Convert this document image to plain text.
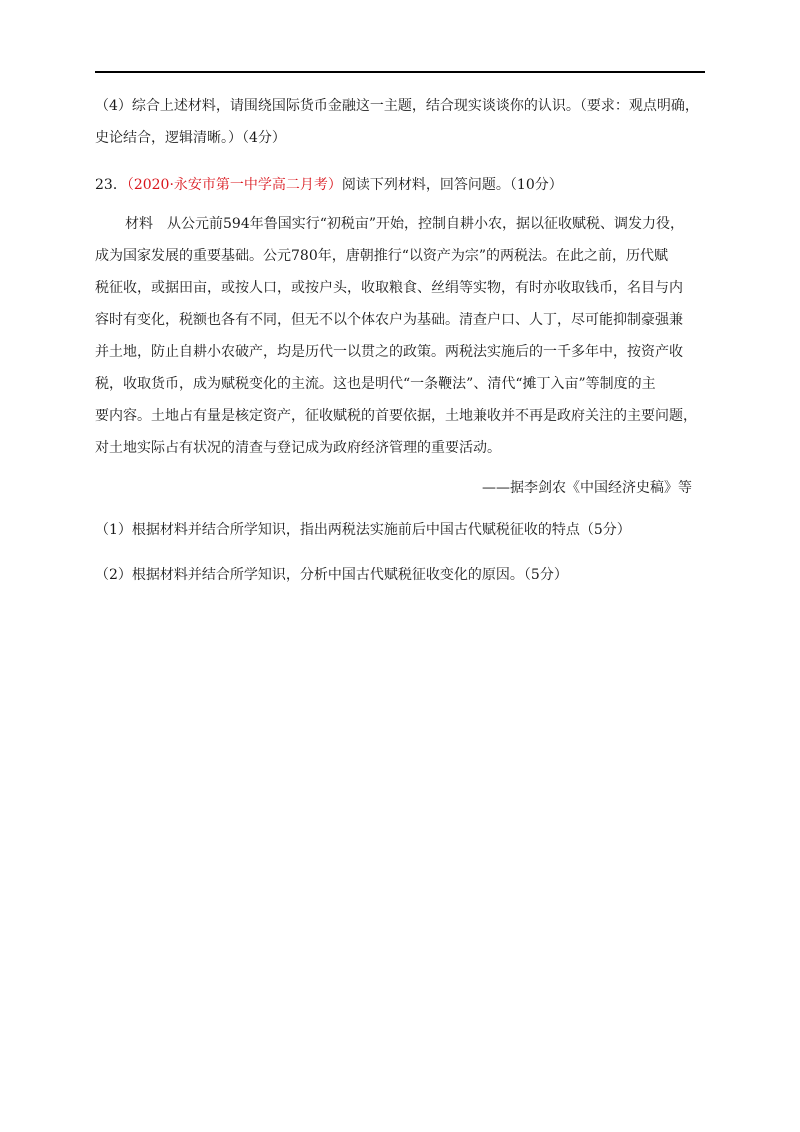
（4）综合上述材料，请围绕国际货币金融这一主题，结合现实谈谈你的认识。（要求：观点明确，
史论结合，逻辑清晰。）（4分）
23．（2020·永安市第一中学高二月考）阅读下列材料，回答问题。（10分）
材料　从公元前594年鲁国实行“初税亩”开始，控制自耕小农，据以征收赋税、调发力役，
成为国家发展的重要基础。公元780年，唐朝推行“以资产为宗”的两税法。在此之前，历代赋
税征收，或据田亩，或按人口，或按户头，收取粮食、丝绢等实物，有时亦收取钱币，名目与内
容时有变化，税额也各有不同，但无不以个体农户为基础。清查户口、人丁，尽可能抑制豪强兼
并土地，防止自耕小农破产，均是历代一以贯之的政策。两税法实施后的一千多年中，按资产收
税，收取货币，成为赋税变化的主流。这也是明代“一条鞭法”、清代“摊丁入亩”等制度的主
要内容。土地占有量是核定资产，征收赋税的首要依据，土地兼收并不再是政府关注的主要问题，
对土地实际占有状况的清查与登记成为政府经济管理的重要活动。
——据李剑农《中国经济史稿》等
（1）根据材料并结合所学知识，指出两税法实施前后中国古代赋税征收的特点（5分）
（2）根据材料并结合所学知识，分析中国古代赋税征收变化的原因。（5分）
